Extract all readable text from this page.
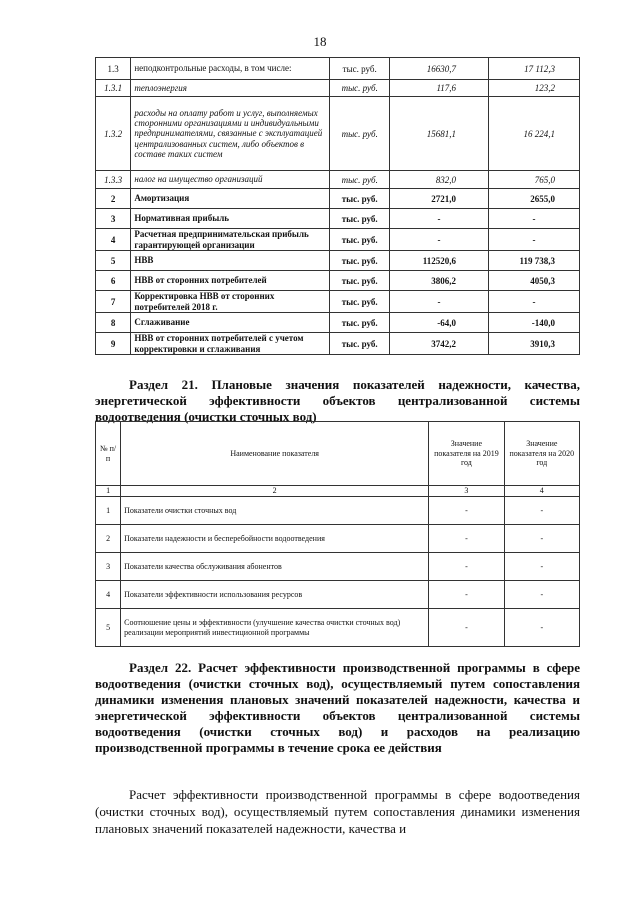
18
1.3	неподконтрольные расходы, в том числе:	тыс. руб.	16630,7	17 112,3
1.3.1	теплоэнергия	тыс. руб.	117,6	123,2
1.3.2	расходы на оплату работ и услуг, выполняемых сторонними организациями и индивидуальными предпринимателями, связанные с эксплуатацией централизованных систем, либо объектов в составе таких систем	тыс. руб.	15681,1	16 224,1
1.3.3	налог на имущество организаций	тыс. руб.	832,0	765,0
2	Амортизация	тыс. руб.	2721,0	2655,0
3	Нормативная прибыль	тыс. руб.	-	-
4	Расчетная предпринимательская прибыль гарантирующей организации	тыс. руб.	-	-
5	НВВ	тыс. руб.	112520,6	119 738,3
6	НВВ от сторонних потребителей	тыс. руб.	3806,2	4050,3
7	Корректировка НВВ от сторонних потребителей 2018 г.	тыс. руб.	-	-
8	Сглаживание	тыс. руб.	-64,0	-140,0
9	НВВ от сторонних потребителей с учетом корректировки и сглаживания	тыс. руб.	3742,2	3910,3
Раздел 21. Плановые значения показателей надежности, качества, энергетической эффективности объектов централизованной системы водоотведения (очистки сточных вод)
№ п/п	Наименование показателя	Значение показателя на 2019 год	Значение показателя на 2020 год
1	2	3	4
1	Показатели очистки сточных вод	-	-
2	Показатели надежности и бесперебойности водоотведения	-	-
3	Показатели качества обслуживания абонентов	-	-
4	Показатели эффективности использования ресурсов	-	-
5	Соотношение цены и эффективности (улучшение качества очистки сточных вод) реализации мероприятий инвестиционной программы	-	-
Раздел 22. Расчет эффективности производственной программы в сфере водоотведения (очистки сточных вод), осуществляемый путем сопоставления динамики изменения плановых значений показателей надежности, качества и энергетической эффективности объектов централизованной системы водоотведения (очистки сточных вод) и расходов на реализацию производственной программы в течение срока ее действия
Расчет эффективности производственной программы в сфере водоотведения (очистки сточных вод), осуществляемый путем сопоставления динамики изменения плановых значений показателей надежности, качества и
